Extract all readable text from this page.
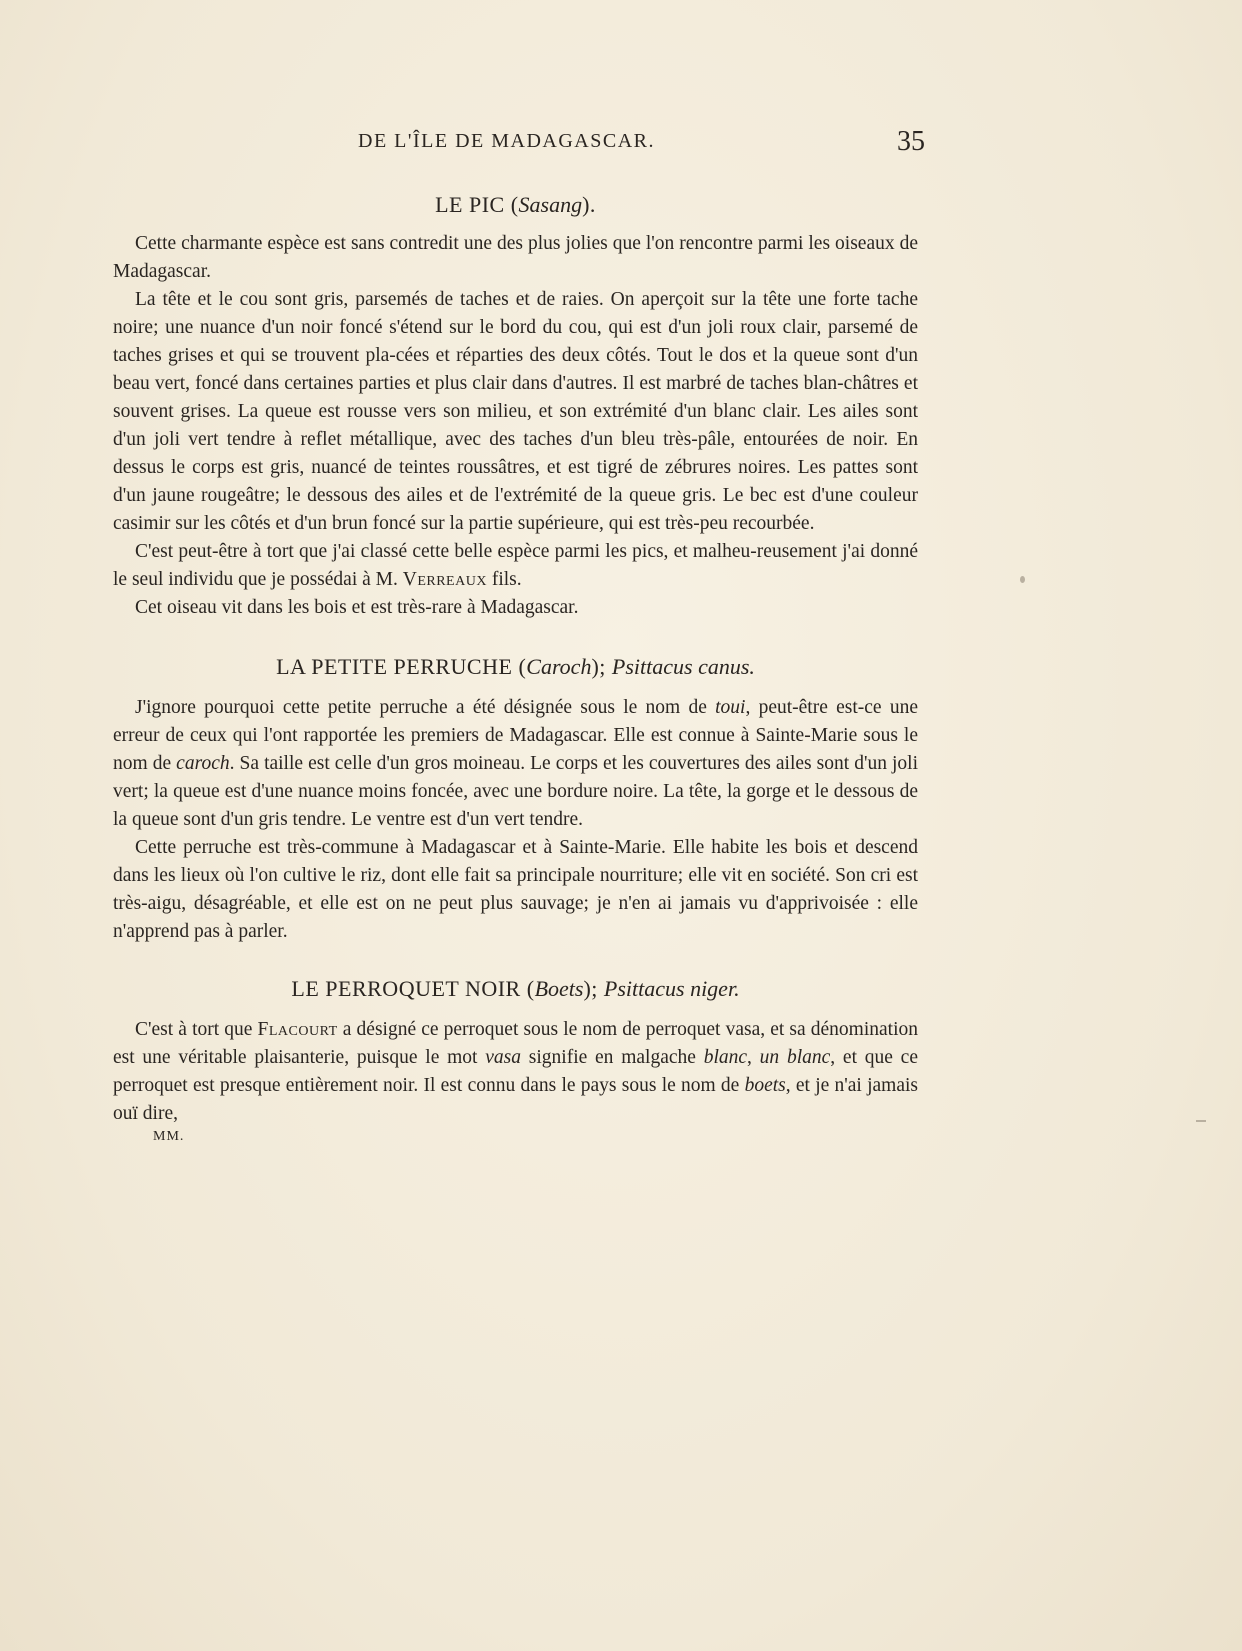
DE L'ÎLE DE MADAGASCAR.	35
LE PIC (Sasang).

Cette charmante espèce est sans contredit une des plus jolies que l'on rencontre parmi les oiseaux de Madagascar.

La tête et le cou sont gris, parsemés de taches et de raies. On aperçoit sur la tête une forte tache noire; une nuance d'un noir foncé s'étend sur le bord du cou, qui est d'un joli roux clair, parsemé de taches grises et qui se trouvent pla-cées et réparties des deux côtés. Tout le dos et la queue sont d'un beau vert, foncé dans certaines parties et plus clair dans d'autres. Il est marbré de taches blan-châtres et souvent grises. La queue est rousse vers son milieu, et son extrémité d'un blanc clair. Les ailes sont d'un joli vert tendre à reflet métallique, avec des taches d'un bleu très-pâle, entourées de noir. En dessus le corps est gris, nuancé de teintes roussâtres, et est tigré de zébrures noires. Les pattes sont d'un jaune rougeâtre; le dessous des ailes et de l'extrémité de la queue gris. Le bec est d'une couleur casimir sur les côtés et d'un brun foncé sur la partie supérieure, qui est très-peu recourbée.

C'est peut-être à tort que j'ai classé cette belle espèce parmi les pics, et malheu-reusement j'ai donné le seul individu que je possédai à M. Verreaux fils.

Cet oiseau vit dans les bois et est très-rare à Madagascar.

LA PETITE PERRUCHE (Caroch); Psittacus canus.

J'ignore pourquoi cette petite perruche a été désignée sous le nom de toui, peut-être est-ce une erreur de ceux qui l'ont rapportée les premiers de Madagascar. Elle est connue à Sainte-Marie sous le nom de caroch. Sa taille est celle d'un gros moineau. Le corps et les couvertures des ailes sont d'un joli vert; la queue est d'une nuance moins foncée, avec une bordure noire. La tête, la gorge et le dessous de la queue sont d'un gris tendre. Le ventre est d'un vert tendre.

Cette perruche est très-commune à Madagascar et à Sainte-Marie. Elle habite les bois et descend dans les lieux où l'on cultive le riz, dont elle fait sa principale nourriture; elle vit en société. Son cri est très-aigu, désagréable, et elle est on ne peut plus sauvage; je n'en ai jamais vu d'apprivoisée : elle n'apprend pas à parler.

LE PERROQUET NOIR (Boets); Psittacus niger.

C'est à tort que Flacourt a désigné ce perroquet sous le nom de perroquet vasa, et sa dénomination est une véritable plaisanterie, puisque le mot vasa signifie en malgache blanc, un blanc, et que ce perroquet est presque entièrement noir. Il est connu dans le pays sous le nom de boets, et je n'ai jamais ouï dire,

MM.
